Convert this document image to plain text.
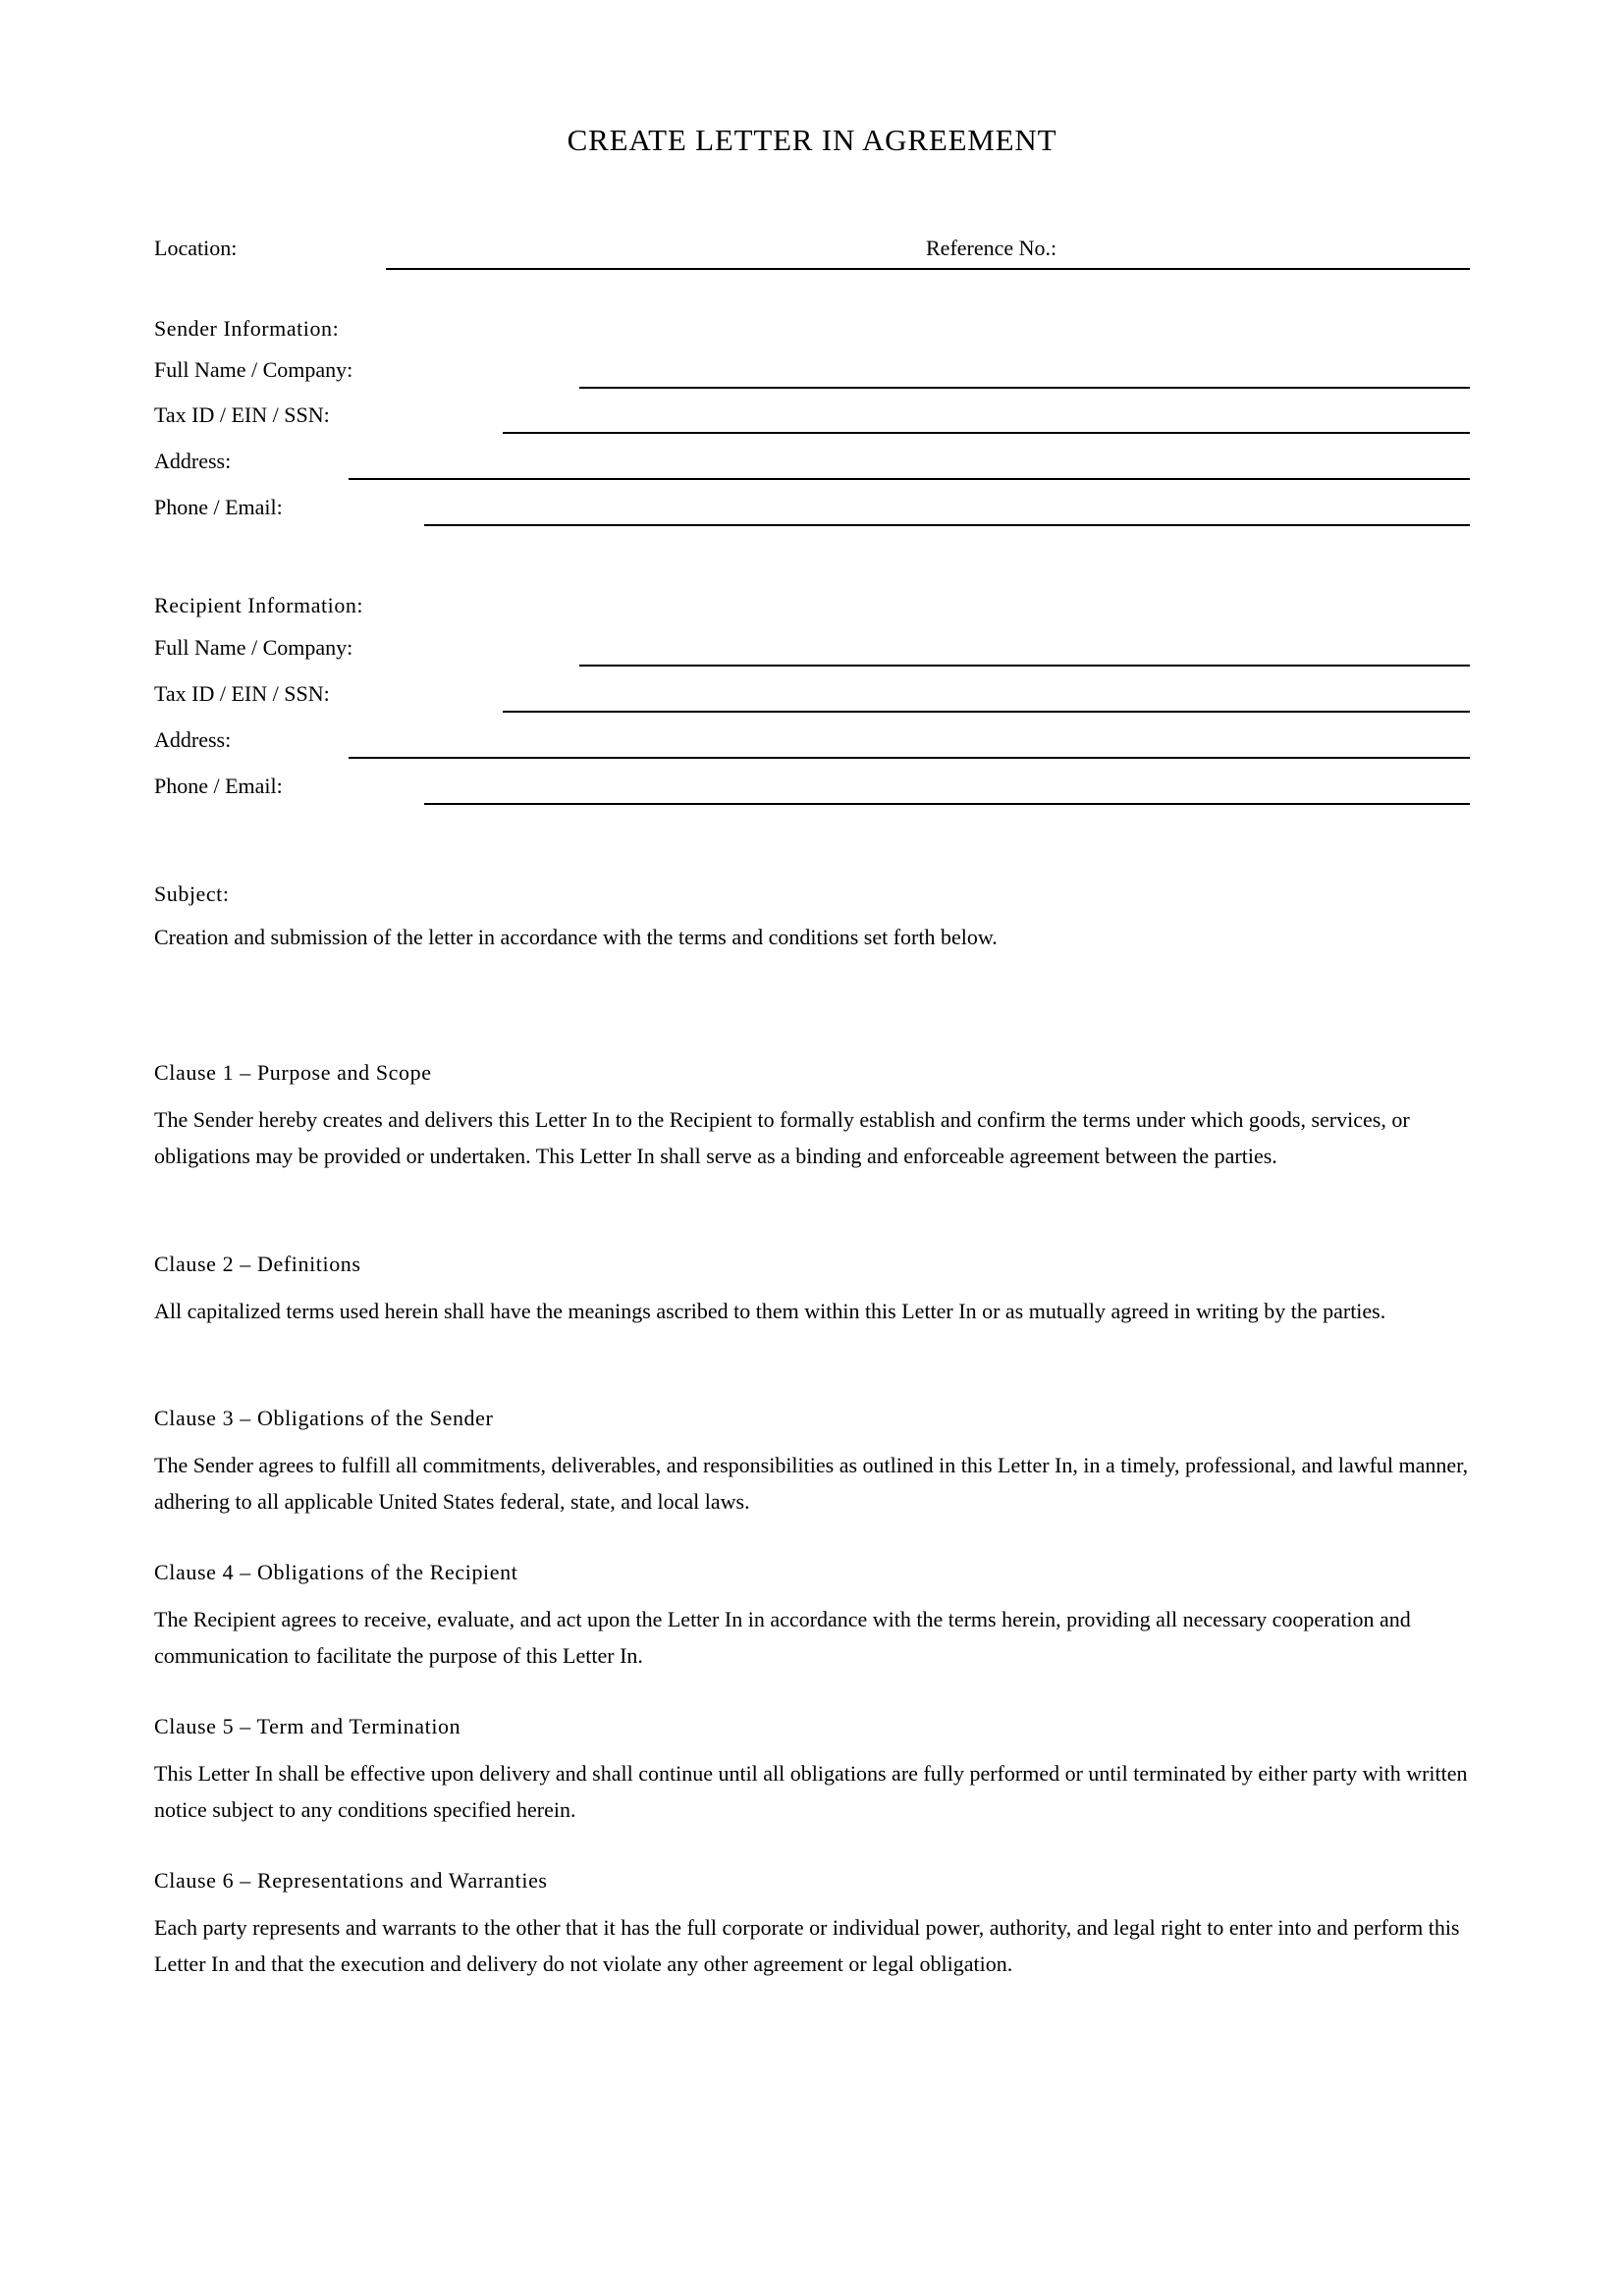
CREATE LETTER IN AGREEMENT
Location:	Reference No.:
Sender Information:
Full Name / Company:
Tax ID / EIN / SSN:
Address:
Phone / Email:
Recipient Information:
Full Name / Company:
Tax ID / EIN / SSN:
Address:
Phone / Email:
Subject:
Creation and submission of the letter in accordance with the terms and conditions set forth below.

Clause 1 – Purpose and Scope

The Sender hereby creates and delivers this Letter In to the Recipient to formally establish and confirm the terms under which goods, services, or obligations may be provided or undertaken. This Letter In shall serve as a binding and enforceable agreement between the parties.

Clause 2 – Definitions

All capitalized terms used herein shall have the meanings ascribed to them within this Letter In or as mutually agreed in writing by the parties.

Clause 3 – Obligations of the Sender

The Sender agrees to fulfill all commitments, deliverables, and responsibilities as outlined in this Letter In, in a timely, professional, and lawful manner, adhering to all applicable United States federal, state, and local laws.

Clause 4 – Obligations of the Recipient

The Recipient agrees to receive, evaluate, and act upon the Letter In in accordance with the terms herein, providing all necessary cooperation and communication to facilitate the purpose of this Letter In.

Clause 5 – Term and Termination

This Letter In shall be effective upon delivery and shall continue until all obligations are fully performed or until terminated by either party with written notice subject to any conditions specified herein.

Clause 6 – Representations and Warranties

Each party represents and warrants to the other that it has the full corporate or individual power, authority, and legal right to enter into and perform this Letter In and that the execution and delivery do not violate any other agreement or legal obligation.
